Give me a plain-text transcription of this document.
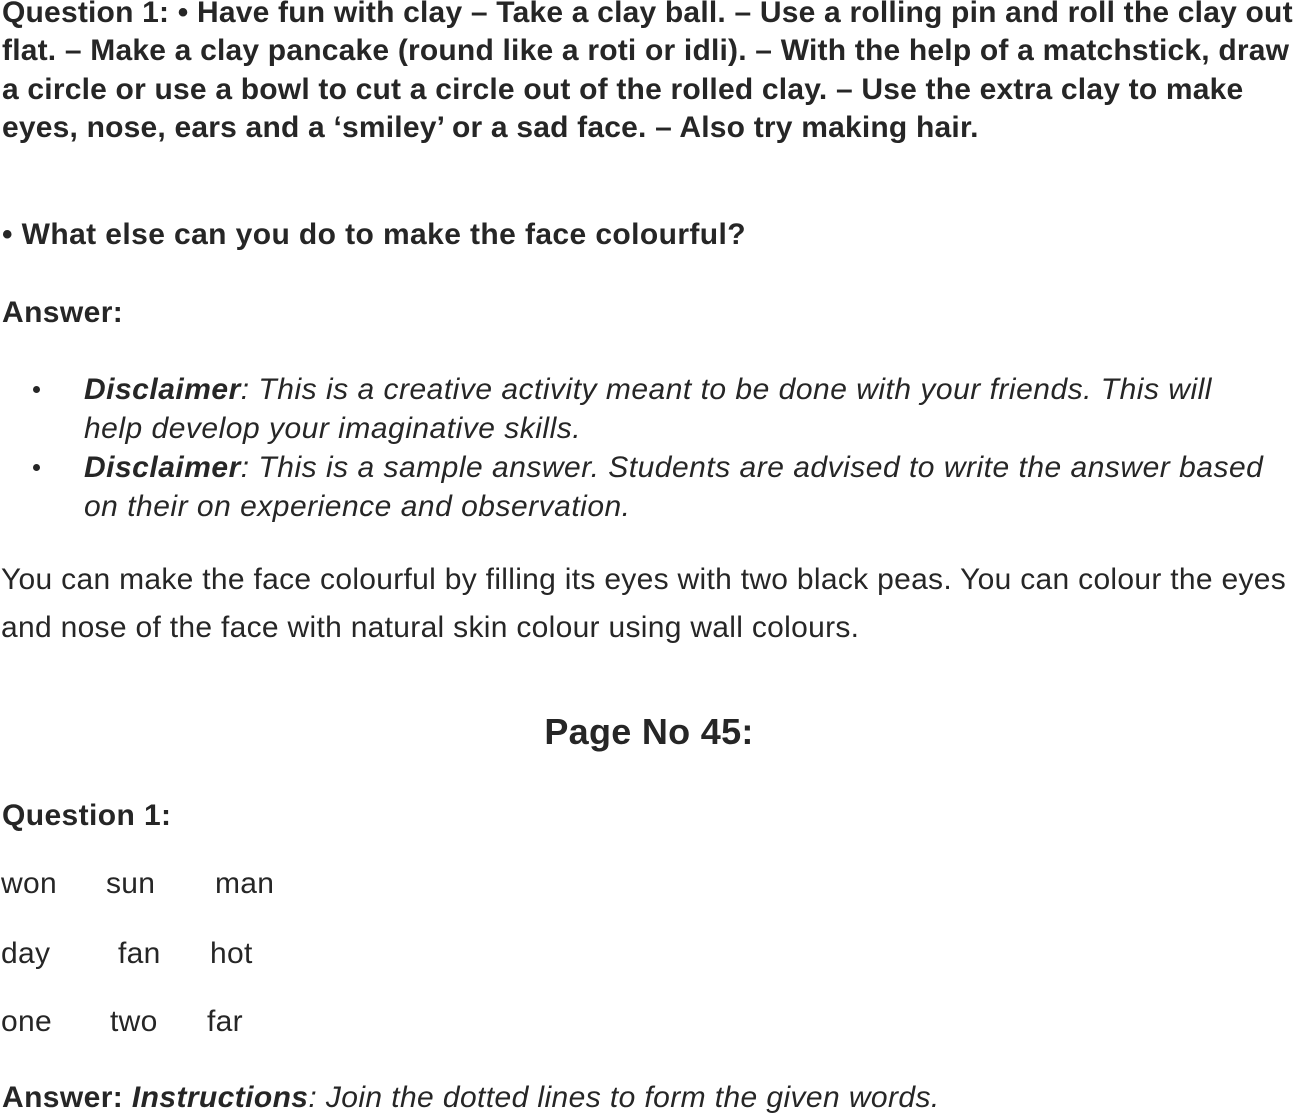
Question 1: • Have fun with clay – Take a clay ball. – Use a rolling pin and roll the clay out flat. – Make a clay pancake (round like a roti or idli). – With the help of a matchstick, draw a circle or use a bowl to cut a circle out of the rolled clay. – Use the extra clay to make eyes, nose, ears and a ‘smiley’ or a sad face. – Also try making hair.

• What else can you do to make the face colourful?

Answer:

Disclaimer: This is a creative activity meant to be done with your friends. This will help develop your imaginative skills.
Disclaimer: This is a sample answer. Students are advised to write the answer based on their on experience and observation.

You can make the face colourful by filling its eyes with two black peas. You can colour the eyes and nose of the face with natural skin colour using wall colours.

Page No 45:

Question 1:

won sun man
day fan hot
one two far

Answer: Instructions: Join the dotted lines to form the given words.
